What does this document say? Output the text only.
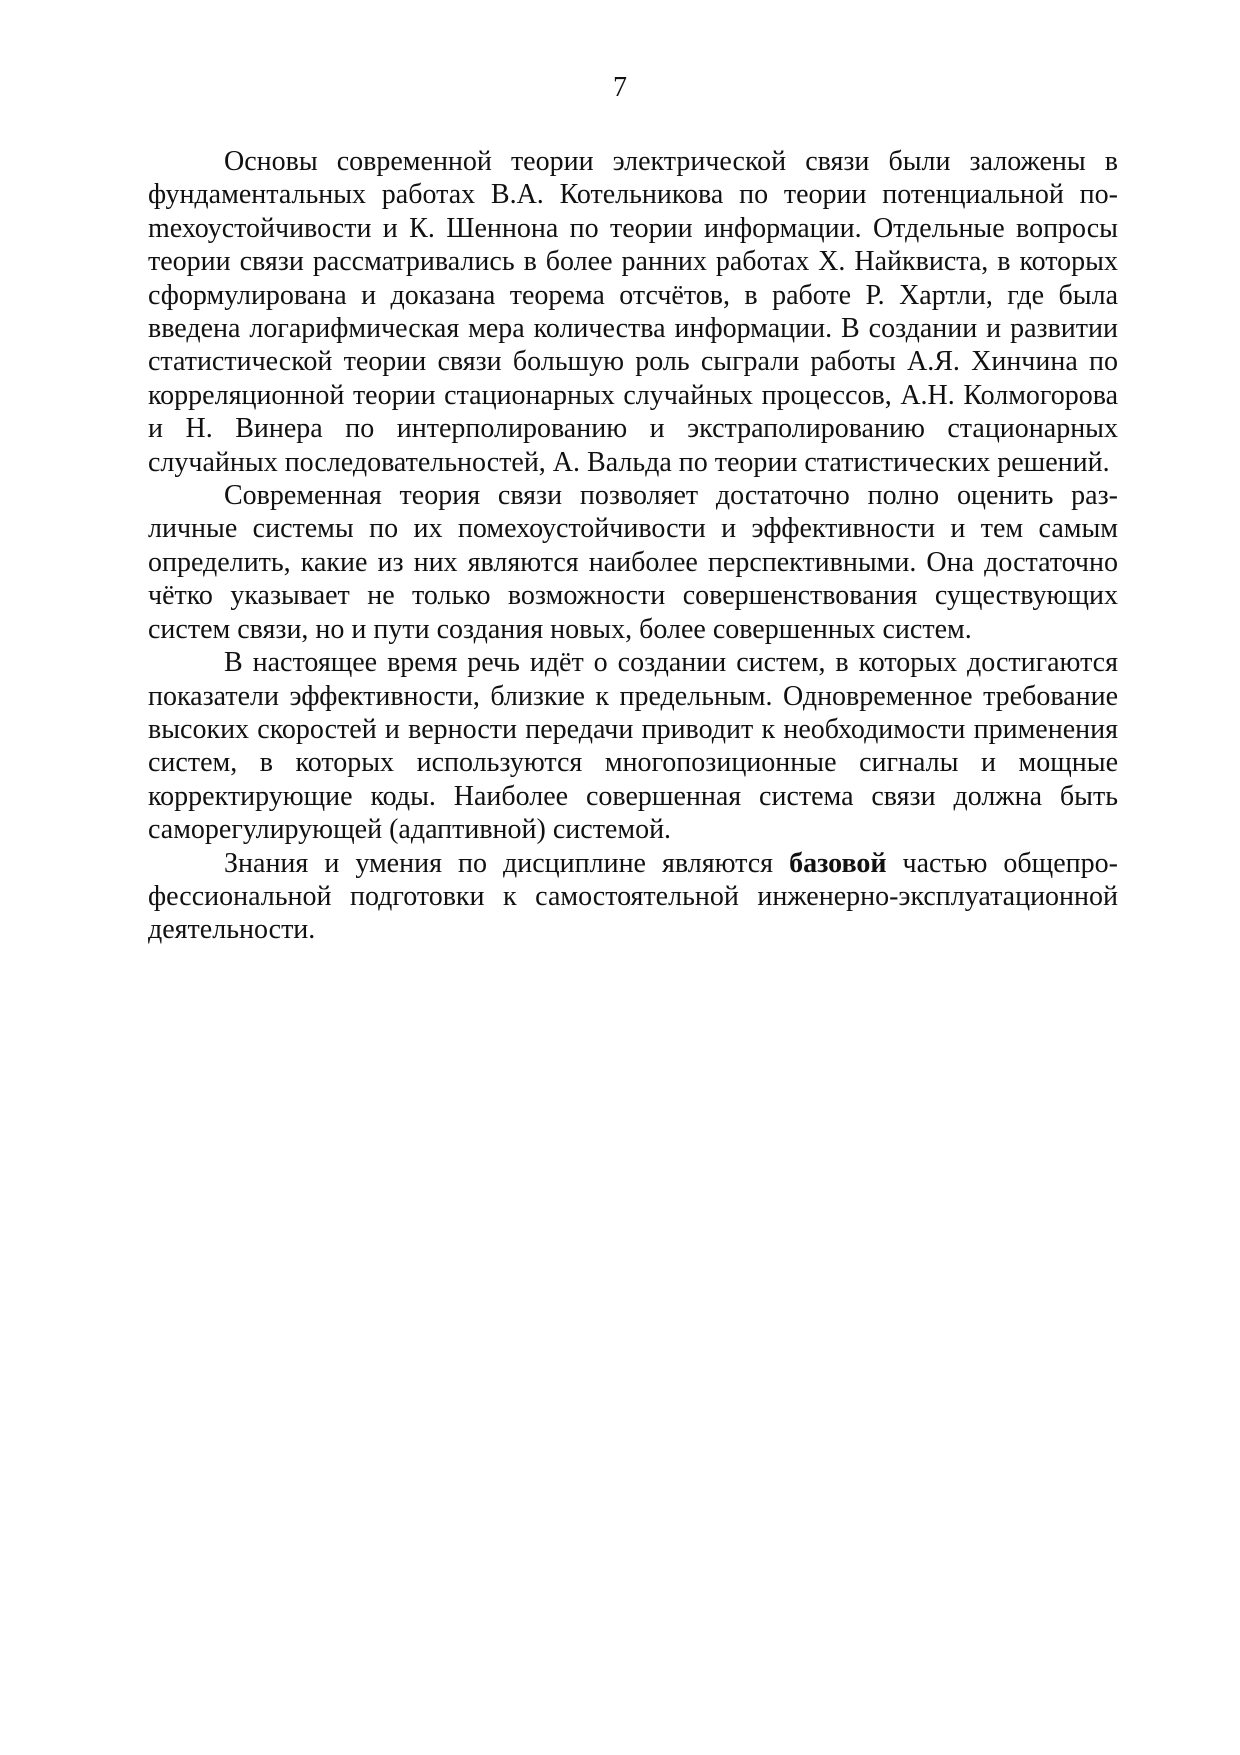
7

Основы современной теории электрической связи были заложены в фундаментальных работах В.А. Котельникова по теории потенциальной поmехоустойчивости и К. Шеннона по теории информации. Отдельные вопросы теории связи рассматривались в более ранних работах Х. Найквиста, в которых сформулирована и доказана теорема отсчётов, в работе Р. Хартли, где была введена логарифмическая мера количества информации. В создании и развитии статистической теории связи большую роль сыграли работы А.Я. Хинчина по корреляционной теории стационарных случайных процессов, А.Н. Колмогорова и Н. Винера по интерполированию и экстраполированию стационарных случайных последовательностей, А. Вальда по теории статистических решений.

Современная теория связи позволяет достаточно полно оценить различные системы по их помехоустойчивости и эффективности и тем самым определить, какие из них являются наиболее перспективными. Она достаточно чётко указывает не только возможности совершенствования существующих систем связи, но и пути создания новых, более совершенных систем.

В настоящее время речь идёт о создании систем, в которых достигаются показатели эффективности, близкие к предельным. Одновременное требование высоких скоростей и верности передачи приводит к необходимости применения систем, в которых используются многопозиционные сигналы и мощные корректирующие коды. Наиболее совершенная система связи должна быть саморегулирующей (адаптивной) системой.

Знания и умения по дисциплине являются базовой частью общепрофессиональной подготовки к самостоятельной инженерно-эксплуатационной деятельности.
